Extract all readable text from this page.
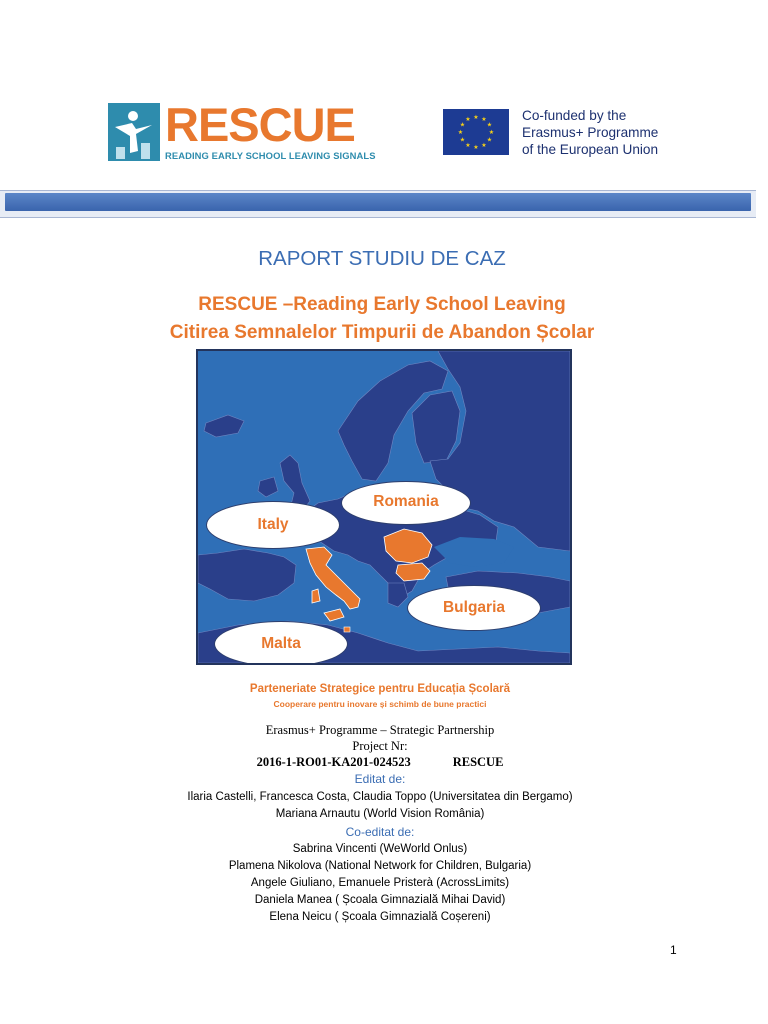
RESCUE
READING EARLY SCHOOL LEAVING SIGNALS
★ ★
★
★
★
★
★
★
★
★
★
★	Co-funded by the
Erasmus+ Programme
of the European Union
RAPORT STUDIU DE CAZ
RESCUE –Reading Early School Leaving
Citirea Semnalelor Timpurii de Abandon Școlar
Italy
Romania
Bulgaria
Malta
Parteneriate Strategice pentru Educația Școlară
Cooperare pentru inovare și schimb de bune practici
Erasmus+ Programme – Strategic Partnership
Project Nr:
2016-1-RO01-KA201-024523	RESCUE
Editat de:
Ilaria Castelli, Francesca Costa, Claudia Toppo (Universitatea din Bergamo)
Mariana Arnautu (World Vision România)
Co-editat de:
Sabrina Vincenti (WeWorld Onlus)
Plamena Nikolova (National Network for Children, Bulgaria)
Angele Giuliano, Emanuele Pristerà (AcrossLimits)
Daniela Manea ( Școala Gimnazială Mihai David)
Elena Neicu ( Școala Gimnazială Coșereni)
1
